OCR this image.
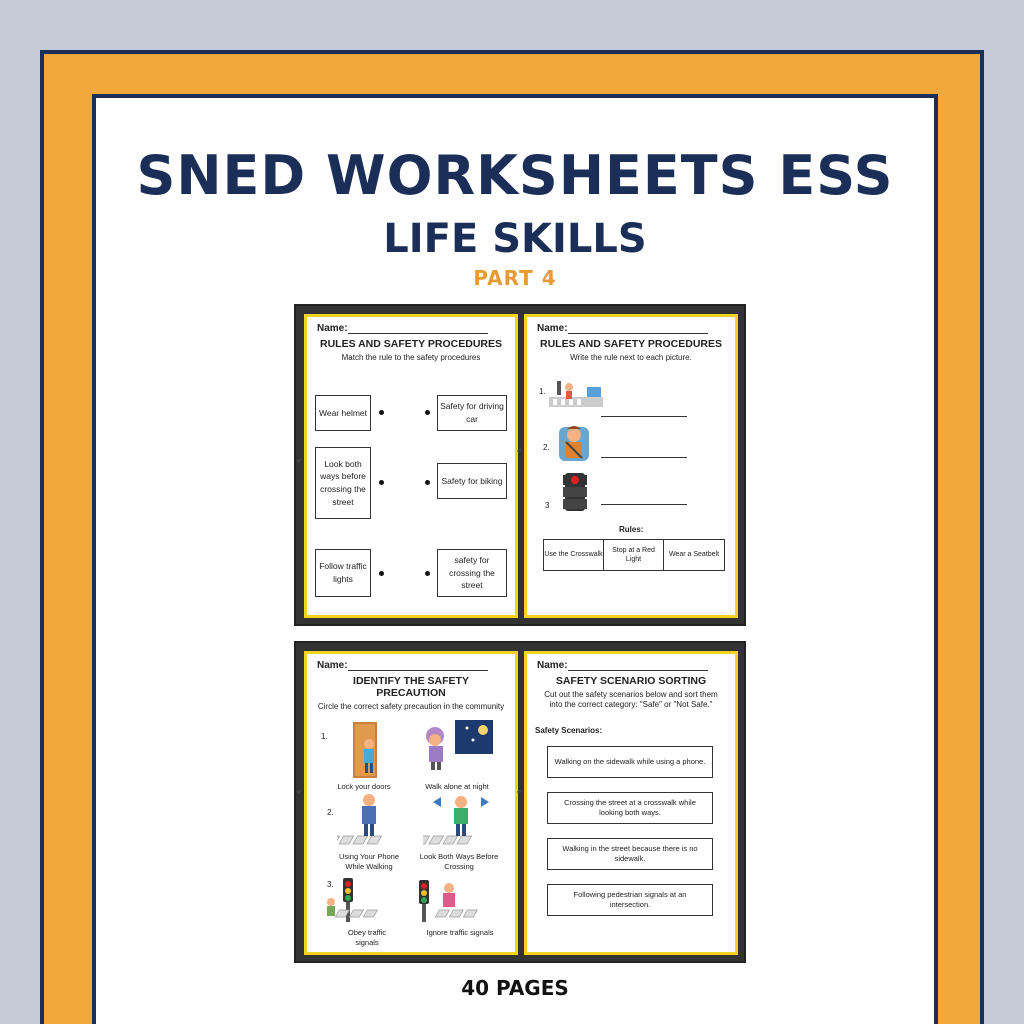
SNED WORKSHEETS ESS
LIFE SKILLS
PART 4
Name:
RULES AND SAFETY PROCEDURES
Match the rule to the safety procedures
✎
Wear helmet
Look both ways before crossing the street
Follow traffic lights
Safety for driving car
Safety for biking
safety for crossing the street
Name:
RULES AND SAFETY PROCEDURES
Write the rule next to each picture.
✎
1.
2.
3
Rules:
Use the Crosswalk
Stop at a Red Light
Wear a Seatbelt
Name:
IDENTIFY THE SAFETY PRECAUTION
Circle the correct safety precaution in the community
✎
1.
Lock your doors	Walk alone at night
2.
Using Your Phone While Walking
Look Both Ways Before Crossing
3.
Obey traffic signals
Ignore traffic signals
Name:
SAFETY SCENARIO SORTING
Cut out the safety scenarios below and sort them into the correct category: "Safe" or "Not Safe."
Safety Scenarios:
✎
Walking on the sidewalk while using a phone.
Crossing the street at a crosswalk while looking both ways.
Walking in the street because there is no sidewalk.
Following pedestrian signals at an intersection.
40 PAGES
